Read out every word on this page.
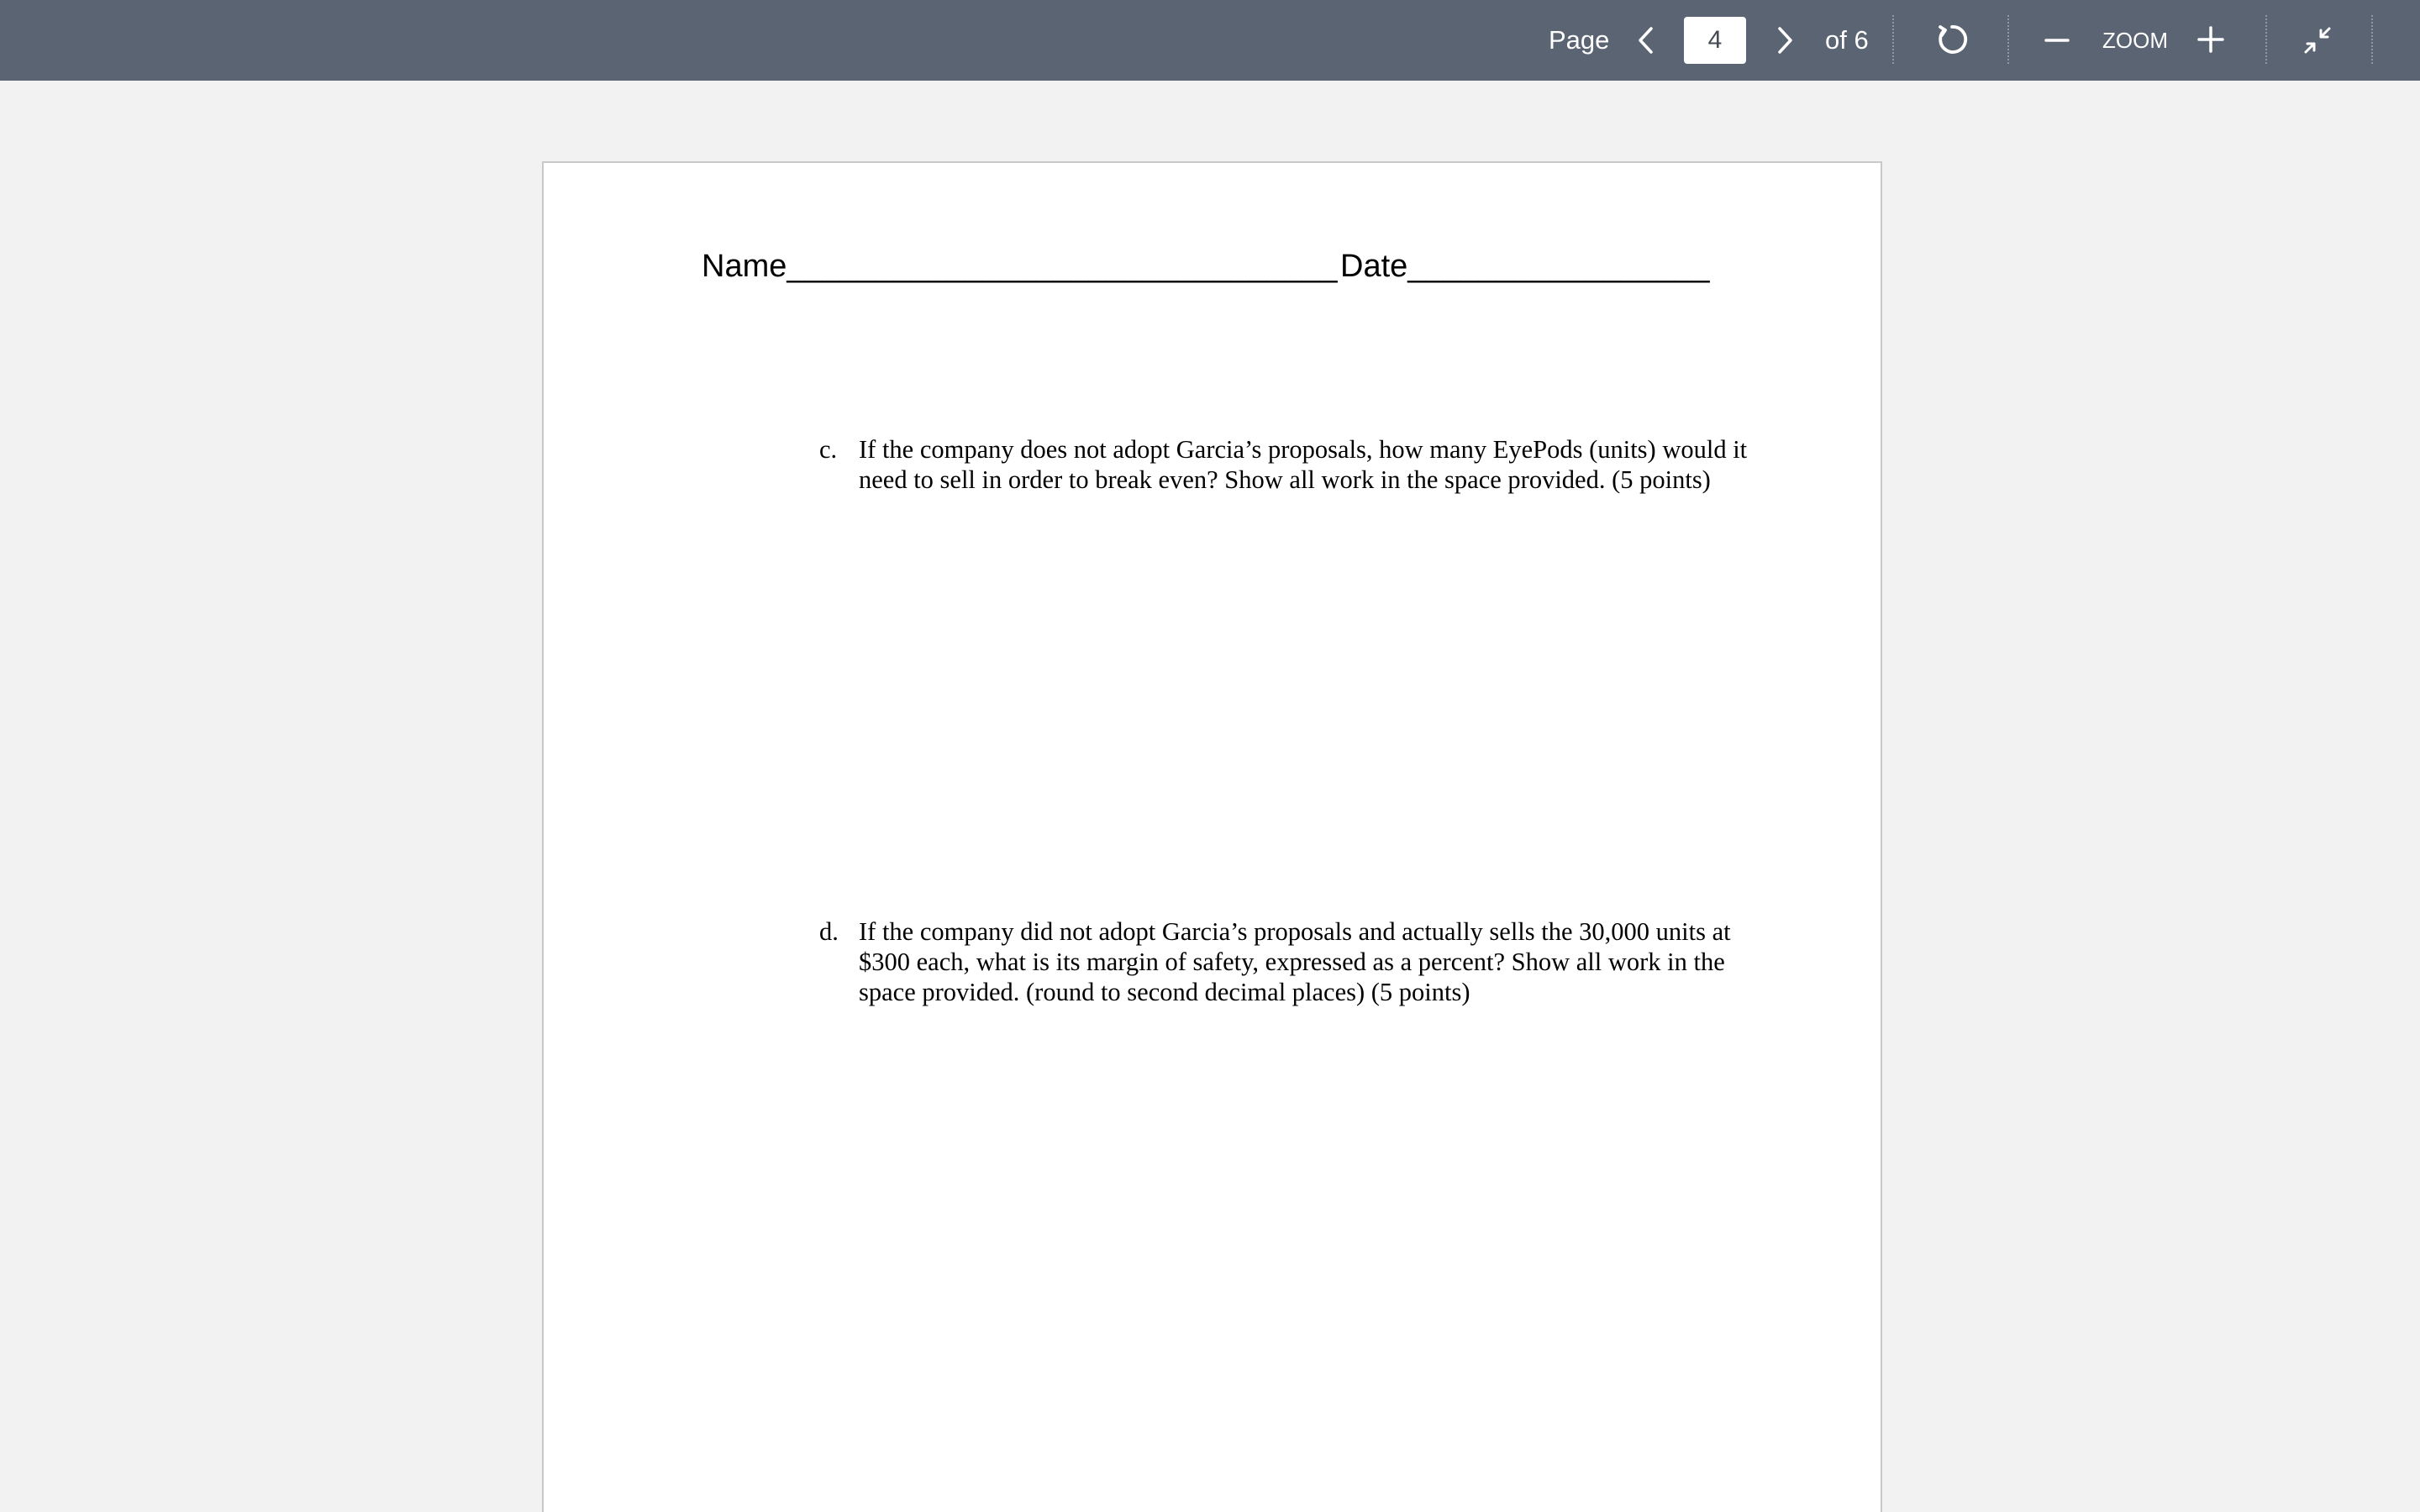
Page
4	of 6	ZOOM
Name_______________________________ Date_________________
c. If the company does not adopt Garcia’s proposals, how many EyePods (units) would it need to sell in order to break even? Show all work in the space provided. (5 points)
d. If the company did not adopt Garcia’s proposals and actually sells the 30,000 units at $300 each, what is its margin of safety, expressed as a percent? Show all work in the space provided. (round to second decimal places) (5 points)
